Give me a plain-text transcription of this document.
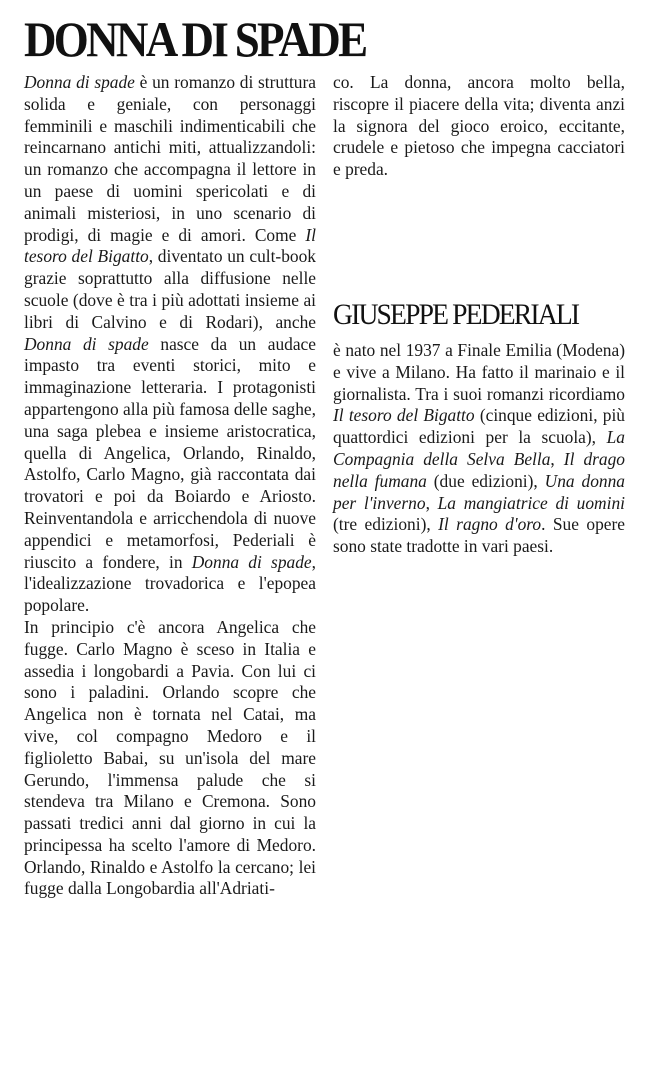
DONNA DI SPADE

Donna di spade è un romanzo di struttura solida e geniale, con personaggi femminili e maschili indimenticabili che reincarnano antichi miti, attualizzandoli: un romanzo che accompagna il lettore in un paese di uomini spericolati e di animali misteriosi, in uno scenario di prodigi, di magie e di amori. Come Il tesoro del Bigatto, diventato un cult-book grazie soprattutto alla diffusione nelle scuole (dove è tra i più adottati insieme ai libri di Calvino e di Rodari), anche Donna di spade nasce da un audace impasto tra eventi storici, mito e immaginazione letteraria. I protagonisti appartengono alla più famosa delle saghe, una saga plebea e insieme aristocratica, quella di Angelica, Orlando, Rinaldo, Astolfo, Carlo Magno, già raccontata dai trovatori e poi da Boiardo e Ariosto. Reinventandola e arricchendola di nuove appendici e metamorfosi, Pederiali è riuscito a fondere, in Donna di spade, l'idealizzazione trovadorica e l'epopea popolare.

In principio c'è ancora Angelica che fugge. Carlo Magno è sceso in Italia e assedia i longobardi a Pavia. Con lui ci sono i paladini. Orlando scopre che Angelica non è tornata nel Catai, ma vive, col compagno Medoro e il figlioletto Babai, su un'isola del mare Gerundo, l'immensa palude che si stendeva tra Milano e Cremona. Sono passati tredici anni dal giorno in cui la principessa ha scelto l'amore di Medoro. Orlando, Rinaldo e Astolfo la cercano; lei fugge dalla Longobardia all'Adriati-

co. La donna, ancora molto bella, riscopre il piacere della vita; diventa anzi la signora del gioco eroico, eccitante, crudele e pietoso che impegna cacciatori e preda.

GIUSEPPE PEDERIALI

è nato nel 1937 a Finale Emilia (Modena) e vive a Milano. Ha fatto il marinaio e il giornalista. Tra i suoi romanzi ricordiamo Il tesoro del Bigatto (cinque edizioni, più quattordici edizioni per la scuola), La Compagnia della Selva Bella, Il drago nella fumana (due edizioni), Una donna per l'inverno, La mangiatrice di uomini (tre edizioni), Il ragno d'oro. Sue opere sono state tradotte in vari paesi.
